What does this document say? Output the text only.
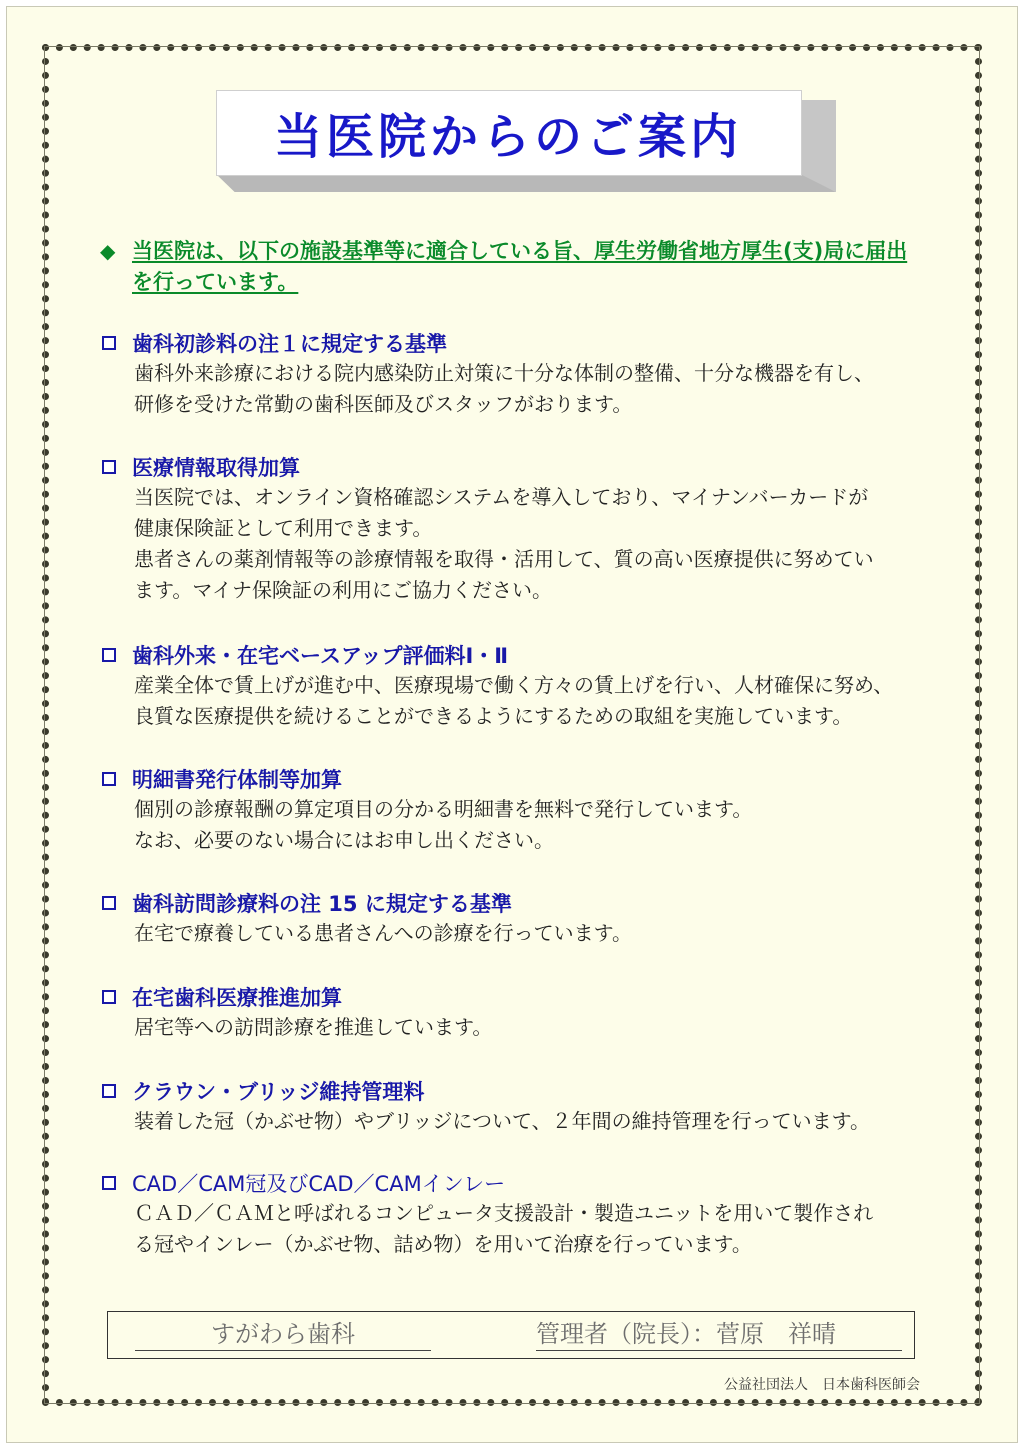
当医院からのご案内
◆ 当医院は、以下の施設基準等に適合している旨、厚生労働省地方厚生(支)局に届出を行っています。
歯科初診料の注１に規定する基準
歯科外来診療における院内感染防止対策に十分な体制の整備、十分な機器を有し、
研修を受けた常勤の歯科医師及びスタッフがおります。
医療情報取得加算
当医院では、オンライン資格確認システムを導入しており、マイナンバーカードが
健康保険証として利用できます。
患者さんの薬剤情報等の診療情報を取得・活用して、質の高い医療提供に努めてい
ます。マイナ保険証の利用にご協力ください。
歯科外来・在宅ベースアップ評価料Ⅰ・Ⅱ
産業全体で賃上げが進む中、医療現場で働く方々の賃上げを行い、人材確保に努め、
良質な医療提供を続けることができるようにするための取組を実施しています。
明細書発行体制等加算
個別の診療報酬の算定項目の分かる明細書を無料で発行しています。
なお、必要のない場合にはお申し出ください。
歯科訪問診療料の注 15 に規定する基準
在宅で療養している患者さんへの診療を行っています。
在宅歯科医療推進加算
居宅等への訪問診療を推進しています。
クラウン・ブリッジ維持管理料
装着した冠（かぶせ物）やブリッジについて、２年間の維持管理を行っています。
CAD／CAM冠及びCAD／CAMインレー
ＣＡＤ／ＣＡＭと呼ばれるコンピュータ支援設計・製造ユニットを用いて製作され
る冠やインレー（かぶせ物、詰め物）を用いて治療を行っています。
すがわら歯科	管理者（院長）：菅原　祥晴
公益社団法人　日本歯科医師会
